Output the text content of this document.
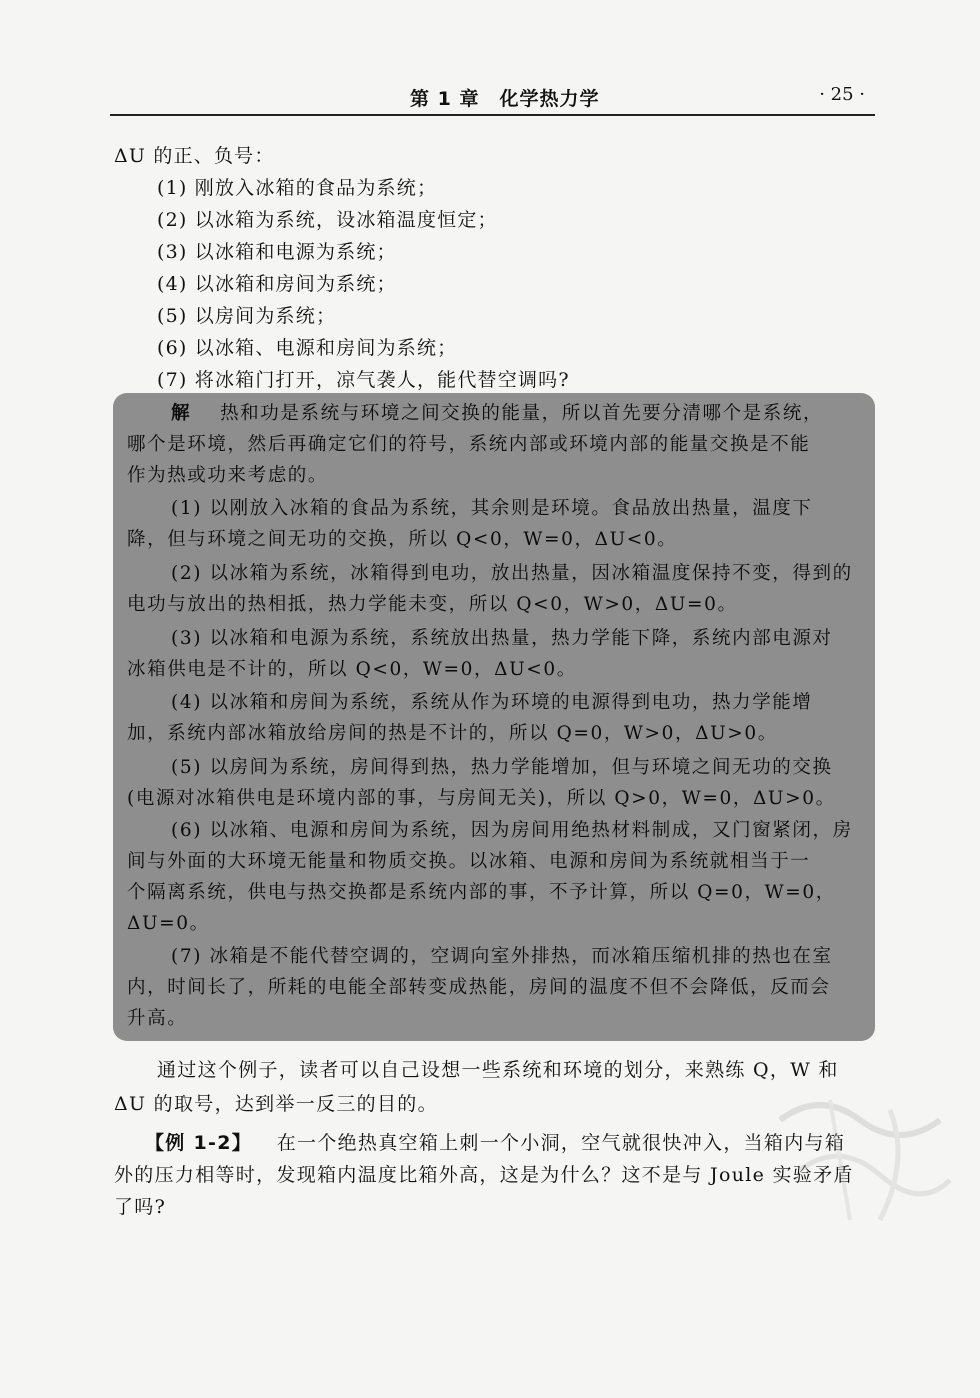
第 1 章　化学热力学	· 25 ·
ΔU 的正、负号：
(1) 刚放入冰箱的食品为系统；
(2) 以冰箱为系统，设冰箱温度恒定；
(3) 以冰箱和电源为系统；
(4) 以冰箱和房间为系统；
(5) 以房间为系统；
(6) 以冰箱、电源和房间为系统；
(7) 将冰箱门打开，凉气袭人，能代替空调吗?
解 热和功是系统与环境之间交换的能量，所以首先要分清哪个是系统，
哪个是环境，然后再确定它们的符号，系统内部或环境内部的能量交换是不能
作为热或功来考虑的。
(1) 以刚放入冰箱的食品为系统，其余则是环境。食品放出热量，温度下
降，但与环境之间无功的交换，所以 Q<0，W=0，ΔU<0。
(2) 以冰箱为系统，冰箱得到电功，放出热量，因冰箱温度保持不变，得到的
电功与放出的热相抵，热力学能未变，所以 Q<0，W>0，ΔU=0。
(3) 以冰箱和电源为系统，系统放出热量，热力学能下降，系统内部电源对
冰箱供电是不计的，所以 Q<0，W=0，ΔU<0。
(4) 以冰箱和房间为系统，系统从作为环境的电源得到电功，热力学能增
加，系统内部冰箱放给房间的热是不计的，所以 Q=0，W>0，ΔU>0。
(5) 以房间为系统，房间得到热，热力学能增加，但与环境之间无功的交换
(电源对冰箱供电是环境内部的事，与房间无关)，所以 Q>0，W=0，ΔU>0。
(6) 以冰箱、电源和房间为系统，因为房间用绝热材料制成，又门窗紧闭，房
间与外面的大环境无能量和物质交换。以冰箱、电源和房间为系统就相当于一
个隔离系统，供电与热交换都是系统内部的事，不予计算，所以 Q=0，W=0，
ΔU=0。
(7) 冰箱是不能代替空调的，空调向室外排热，而冰箱压缩机排的热也在室
内，时间长了，所耗的电能全部转变成热能，房间的温度不但不会降低，反而会
升高。
通过这个例子，读者可以自己设想一些系统和环境的划分，来熟练 Q，W 和
ΔU 的取号，达到举一反三的目的。
【例 1-2】 在一个绝热真空箱上刺一个小洞，空气就很快冲入，当箱内与箱
外的压力相等时，发现箱内温度比箱外高，这是为什么？这不是与 Joule 实验矛盾
了吗?
